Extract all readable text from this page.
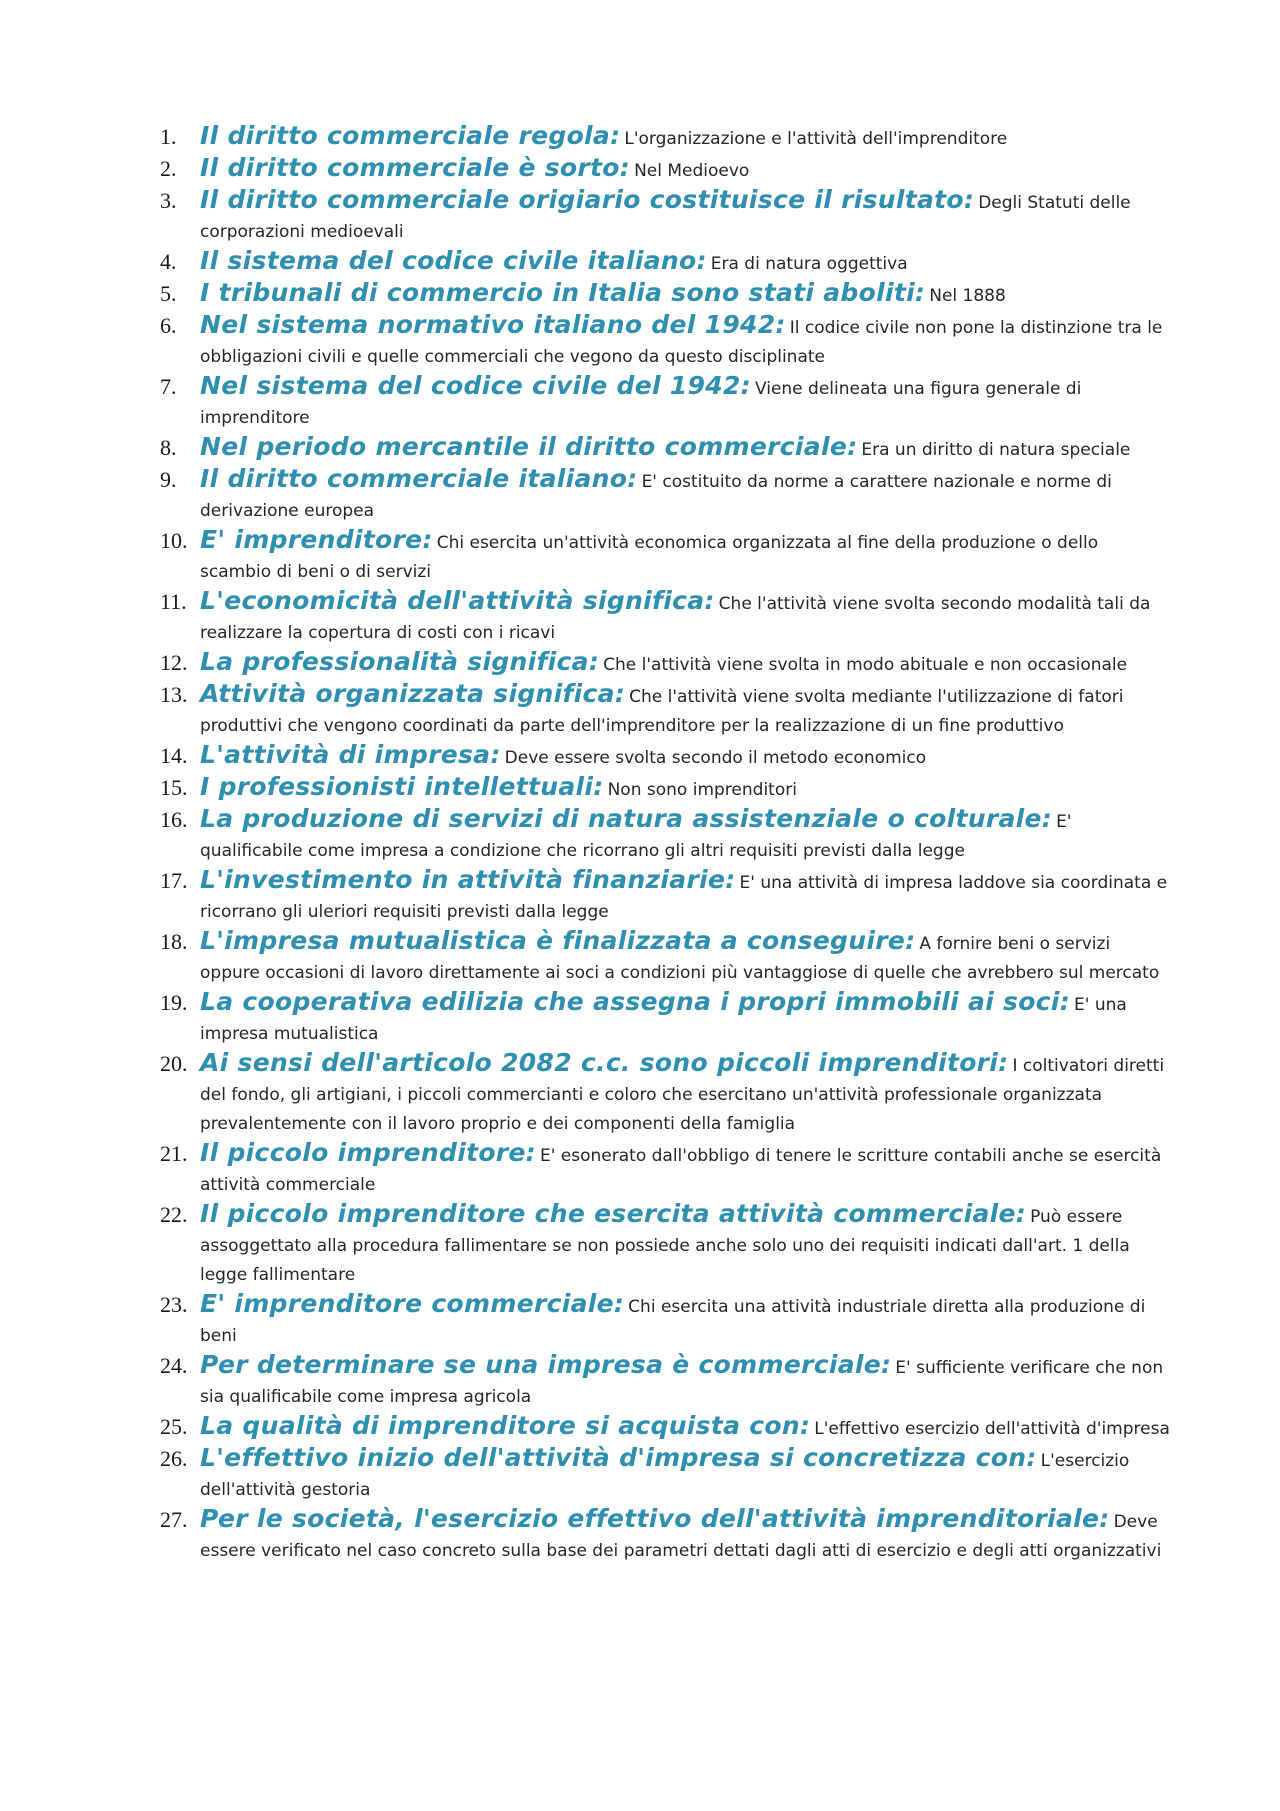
1. Il diritto commerciale regola: L'organizzazione e l'attività dell'imprenditore
2. Il diritto commerciale è sorto: Nel Medioevo
3. Il diritto commerciale origiario costituisce il risultato: Degli Statuti delle corporazioni medioevali
4. Il sistema del codice civile italiano: Era di natura oggettiva
5. I tribunali di commercio in Italia sono stati aboliti: Nel 1888
6. Nel sistema normativo italiano del 1942: Il codice civile non pone la distinzione tra le obbligazioni civili e quelle commerciali che vegono da questo disciplinate
7. Nel sistema del codice civile del 1942: Viene delineata una figura generale di imprenditore
8. Nel periodo mercantile il diritto commerciale: Era un diritto di natura speciale
9. Il diritto commerciale italiano: E' costituito da norme a carattere nazionale e norme di derivazione europea
10. E' imprenditore: Chi esercita un'attività economica organizzata al fine della produzione o dello scambio di beni o di servizi
11. L'economicità dell'attività significa: Che l'attività viene svolta secondo modalità tali da realizzare la copertura di costi con i ricavi
12. La professionalità significa: Che l'attività viene svolta in modo abituale e non occasionale
13. Attività organizzata significa: Che l'attività viene svolta mediante l'utilizzazione di fatori produttivi che vengono coordinati da parte dell'imprenditore per la realizzazione di un fine produttivo
14. L'attività di impresa: Deve essere svolta secondo il metodo economico
15. I professionisti intellettuali: Non sono imprenditori
16. La produzione di servizi di natura assistenziale o colturale: E' qualificabile come impresa a condizione che ricorrano gli altri requisiti previsti dalla legge
17. L'investimento in attività finanziarie: E' una attività di impresa laddove sia coordinata e ricorrano gli uleriori requisiti previsti dalla legge
18. L'impresa mutualistica è finalizzata a conseguire: A fornire beni o servizi oppure occasioni di lavoro direttamente ai soci a condizioni più vantaggiose di quelle che avrebbero sul mercato
19. La cooperativa edilizia che assegna i propri immobili ai soci: E' una impresa mutualistica
20. Ai sensi dell'articolo 2082 c.c. sono piccoli imprenditori: I coltivatori diretti del fondo, gli artigiani, i piccoli commercianti e coloro che esercitano un'attività professionale organizzata prevalentemente con il lavoro proprio e dei componenti della famiglia
21. Il piccolo imprenditore: E' esonerato dall'obbligo di tenere le scritture contabili anche se esercità attività commerciale
22. Il piccolo imprenditore che esercita attività commerciale: Può essere assoggettato alla procedura fallimentare se non possiede anche solo uno dei requisiti indicati dall'art. 1 della legge fallimentare
23. E' imprenditore commerciale: Chi esercita una attività industriale diretta alla produzione di beni
24. Per determinare se una impresa è commerciale: E' sufficiente verificare che non sia qualificabile come impresa agricola
25. La qualità di imprenditore si acquista con: L'effettivo esercizio dell'attività d'impresa
26. L'effettivo inizio dell'attività d'impresa si concretizza con: L'esercizio dell'attività gestoria
27. Per le società, l'esercizio effettivo dell'attività imprenditoriale: Deve essere verificato nel caso concreto sulla base dei parametri dettati dagli atti di esercizio e degli atti organizzativi
